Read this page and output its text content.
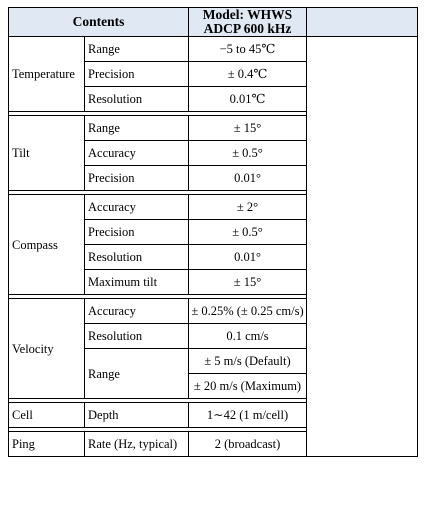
Contents		Model: WHWS ADCP 600 kHz	
Temperature	Range	−5 to 45℃	
	Precision	± 0.4℃	
	Resolution	0.01℃	

Tilt	Range	± 15°	
	Accuracy	± 0.5°	
	Precision	0.01°	

Compass	Accuracy	± 2°	
	Precision	± 0.5°	
	Resolution	0.01°	
	Maximum tilt	± 15°	

Velocity	Accuracy	± 0.25% (± 0.25 cm/s)	
	Resolution	0.1 cm/s	
	Range	± 5 m/s (Default)	
		± 20 m/s (Maximum)	

Cell	Depth	1∼42 (1 m/cell)	

Ping	Rate (Hz, typical)	2 (broadcast)	
